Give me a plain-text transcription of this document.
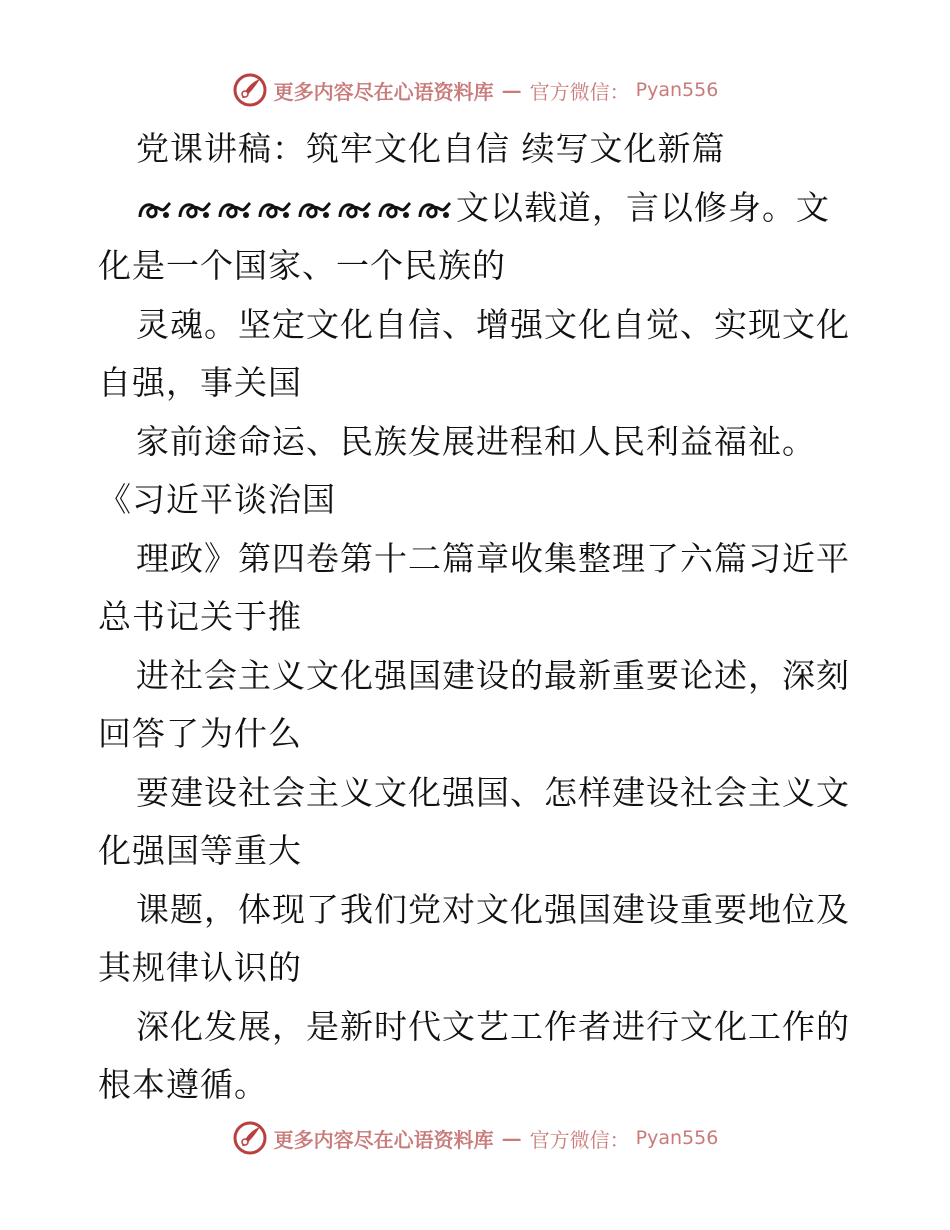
更多内容尽在心语资料库 — 官方微信： Pyan556
党课讲稿：筑牢文化自信 续写文化新篇
文以载道，言以修身。文
化是一个国家、一个民族的
灵魂。坚定文化自信、增强文化自觉、实现文化
自强，事关国
家前途命运、民族发展进程和人民利益福祉。
《习近平谈治国
理政》第四卷第十二篇章收集整理了六篇习近平
总书记关于推
进社会主义文化强国建设的最新重要论述，深刻
回答了为什么
要建设社会主义文化强国、怎样建设社会主义文
化强国等重大
课题，体现了我们党对文化强国建设重要地位及
其规律认识的
深化发展，是新时代文艺工作者进行文化工作的
根本遵循。
更多内容尽在心语资料库 — 官方微信： Pyan556
